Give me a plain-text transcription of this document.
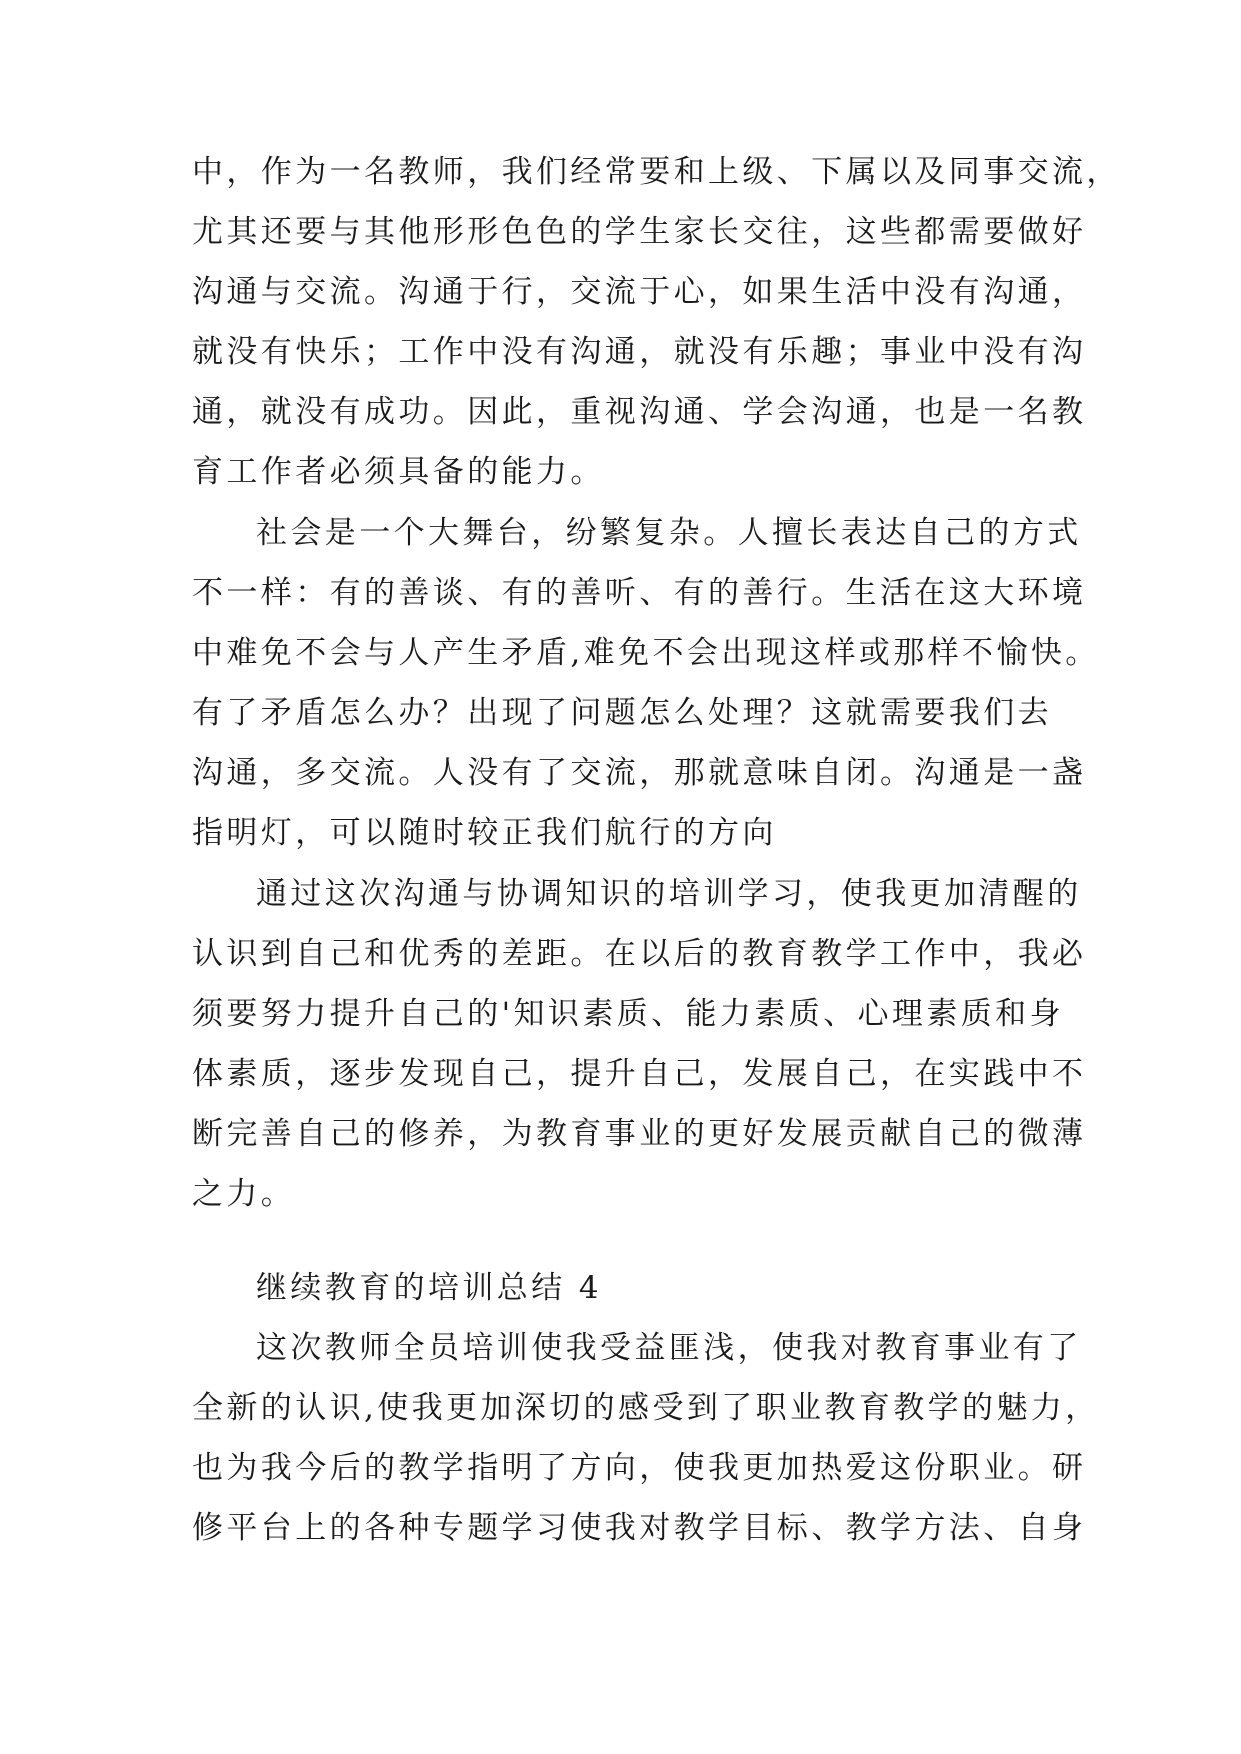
中，作为一名教师，我们经常要和上级、下属以及同事交流，
尤其还要与其他形形色色的学生家长交往，这些都需要做好
沟通与交流。沟通于行，交流于心，如果生活中没有沟通，
就没有快乐；工作中没有沟通，就没有乐趣；事业中没有沟
通，就没有成功。因此，重视沟通、学会沟通，也是一名教
育工作者必须具备的能力。
社会是一个大舞台，纷繁复杂。人擅长表达自己的方式
不一样：有的善谈、有的善听、有的善行。生活在这大环境
中难免不会与人产生矛盾,难免不会出现这样或那样不愉快。
有了矛盾怎么办？出现了问题怎么处理？这就需要我们去
沟通，多交流。人没有了交流，那就意味自闭。沟通是一盏
指明灯，可以随时较正我们航行的方向
通过这次沟通与协调知识的培训学习，使我更加清醒的
认识到自己和优秀的差距。在以后的教育教学工作中，我必
须要努力提升自己的'知识素质、能力素质、心理素质和身
体素质，逐步发现自己，提升自己，发展自己，在实践中不
断完善自己的修养，为教育事业的更好发展贡献自己的微薄
之力。
继续教育的培训总结 4
这次教师全员培训使我受益匪浅，使我对教育事业有了
全新的认识,使我更加深切的感受到了职业教育教学的魅力，
也为我今后的教学指明了方向，使我更加热爱这份职业。研
修平台上的各种专题学习使我对教学目标、教学方法、自身
